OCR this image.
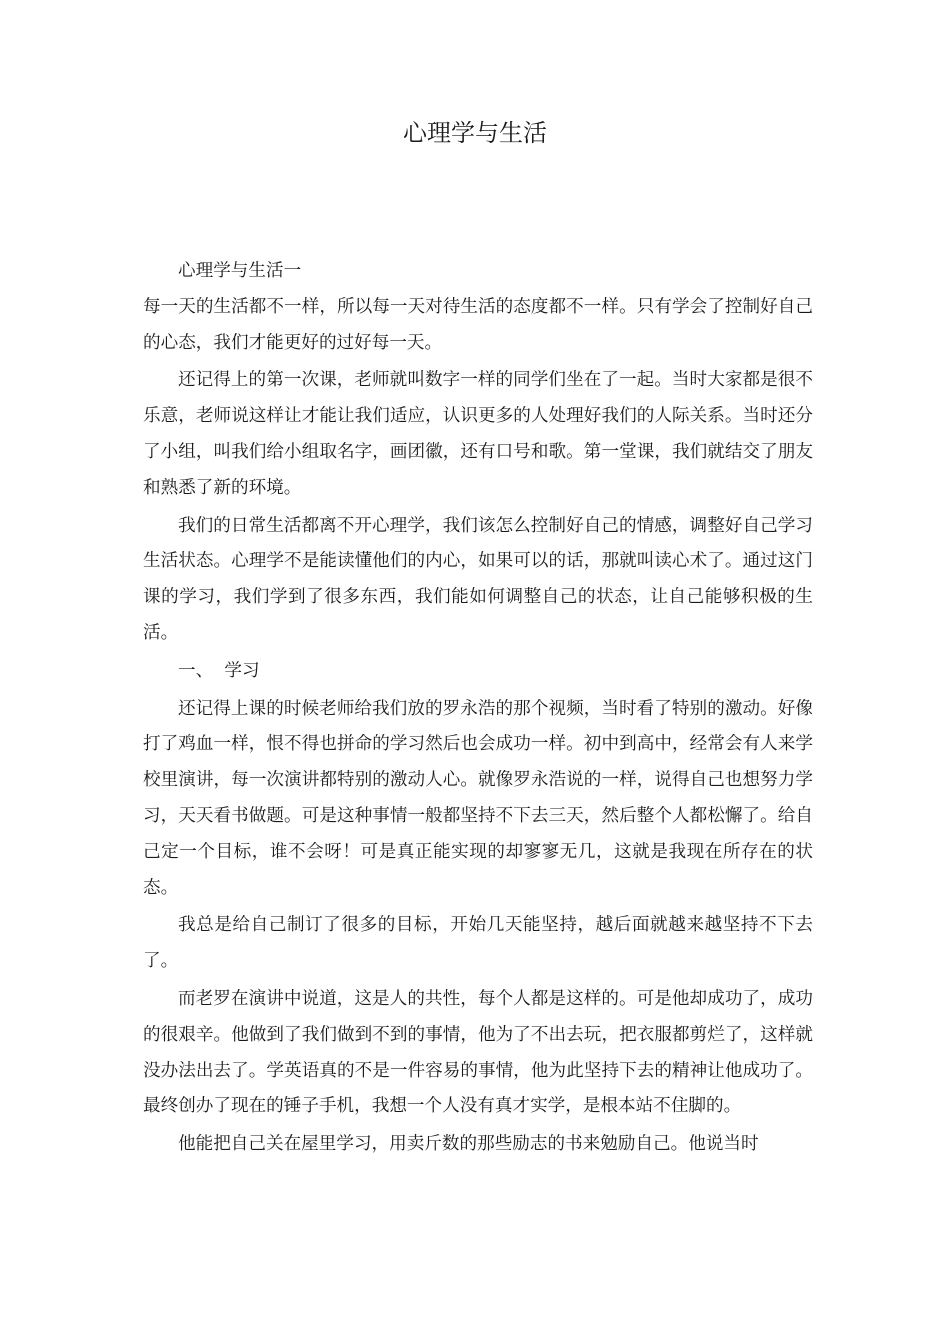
心理学与生活

心理学与生活一

每一天的生活都不一样，所以每一天对待生活的态度都不一样。只有学会了控制好自己的心态，我们才能更好的过好每一天。

还记得上的第一次课，老师就叫数字一样的同学们坐在了一起。当时大家都是很不乐意，老师说这样让才能让我们适应，认识更多的人处理好我们的人际关系。当时还分了小组，叫我们给小组取名字，画团徽，还有口号和歌。第一堂课，我们就结交了朋友和熟悉了新的环境。

我们的日常生活都离不开心理学，我们该怎么控制好自己的情感，调整好自己学习生活状态。心理学不是能读懂他们的内心，如果可以的话，那就叫读心术了。通过这门课的学习，我们学到了很多东西，我们能如何调整自己的状态，让自己能够积极的生活。

一、  学习

还记得上课的时候老师给我们放的罗永浩的那个视频，当时看了特别的激动。好像打了鸡血一样，恨不得也拼命的学习然后也会成功一样。初中到高中，经常会有人来学校里演讲，每一次演讲都特别的激动人心。就像罗永浩说的一样，说得自己也想努力学习，天天看书做题。可是这种事情一般都坚持不下去三天，然后整个人都松懈了。给自己定一个目标，谁不会呀！可是真正能实现的却寥寥无几，这就是我现在所存在的状态。

我总是给自己制订了很多的目标，开始几天能坚持，越后面就越来越坚持不下去了。

而老罗在演讲中说道，这是人的共性，每个人都是这样的。可是他却成功了，成功的很艰辛。他做到了我们做到不到的事情，他为了不出去玩，把衣服都剪烂了，这样就没办法出去了。学英语真的不是一件容易的事情，他为此坚持下去的精神让他成功了。最终创办了现在的锤子手机，我想一个人没有真才实学，是根本站不住脚的。

他能把自己关在屋里学习，用卖斤数的那些励志的书来勉励自己。他说当时
